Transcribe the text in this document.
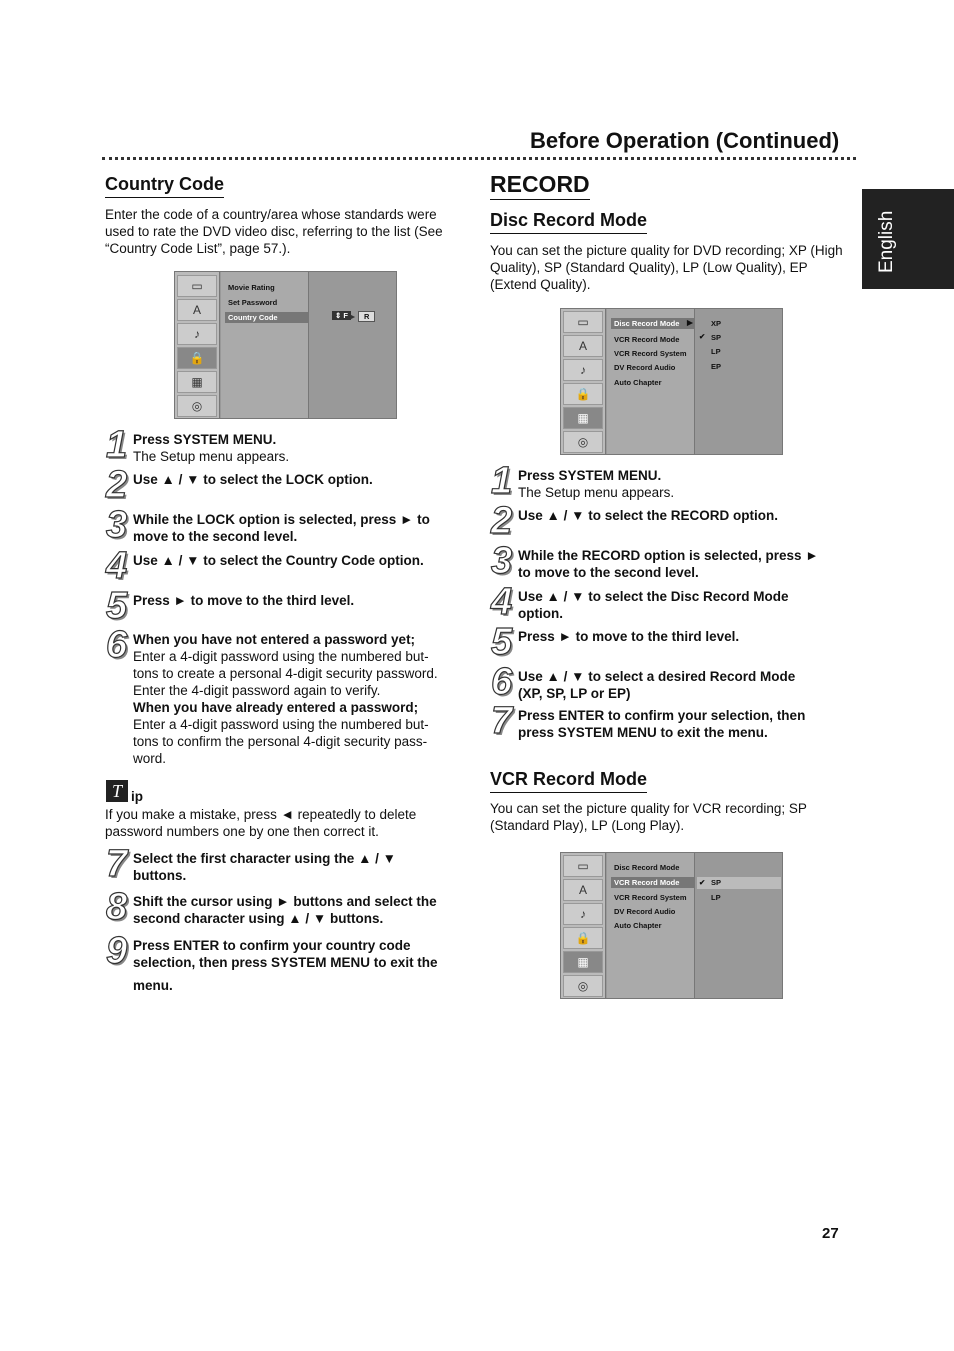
Before Operation (Continued)
English
Country Code
Enter the code of a country/area whose standards were used to rate the DVD video disc, referring to the list (See “Country Code List”, page 57.).
▭
A
♪
🔒
▦
◎
Movie Rating
Set Password
Country Code	⇕ F ▸	R
1 Press SYSTEM MENU.
The Setup menu appears.
2 Use ▲ / ▼ to select the LOCK option.
3 While the LOCK option is selected, press ► to
move to the second level.
4 Use ▲ / ▼ to select the Country Code option.
5 Press ► to move to the third level.
6 When you have not entered a password yet;
Enter a 4-digit password using the numbered but-
tons to create a personal 4-digit security password.
Enter the 4-digit password again to verify.
When you have already entered a password;
Enter a 4-digit password using the numbered but-
tons to confirm the personal 4-digit security pass-
word.
T ip
If you make a mistake, press ◄ repeatedly to delete
password numbers one by one then correct it.
7 Select the first character using the ▲ / ▼
buttons.
8 Shift the cursor using ► buttons and select the
second character using ▲ / ▼ buttons.
9 Press ENTER to confirm your country code
selection, then press SYSTEM MENU to exit the
menu.
RECORD
Disc Record Mode
You can set the picture quality for DVD recording; XP (High Quality), SP (Standard Quality), LP (Low Quality), EP (Extend Quality).
▭
A
♪
🔒
▦
◎
Disc Record Mode	▶
VCR Record Mode
VCR Record System
DV Record Audio
Auto Chapter
XP
✔ SP
LP
EP
1 Press SYSTEM MENU.
The Setup menu appears.
2 Use ▲ / ▼ to select the RECORD option.
3 While the RECORD option is selected, press ►
to move to the second level.
4 Use ▲ / ▼ to select the Disc Record Mode
option.
5 Press ► to move to the third level.
6 Use ▲ / ▼ to select a desired Record Mode
(XP, SP, LP or EP)
7 Press ENTER to confirm your selection, then
press SYSTEM MENU to exit the menu.
VCR Record Mode
You can set the picture quality for VCR recording; SP (Standard Play), LP (Long Play).
▭
A
♪
🔒
▦
◎
Disc Record Mode
VCR Record Mode
VCR Record System
DV Record Audio
Auto Chapter
✔ SP
LP
27
